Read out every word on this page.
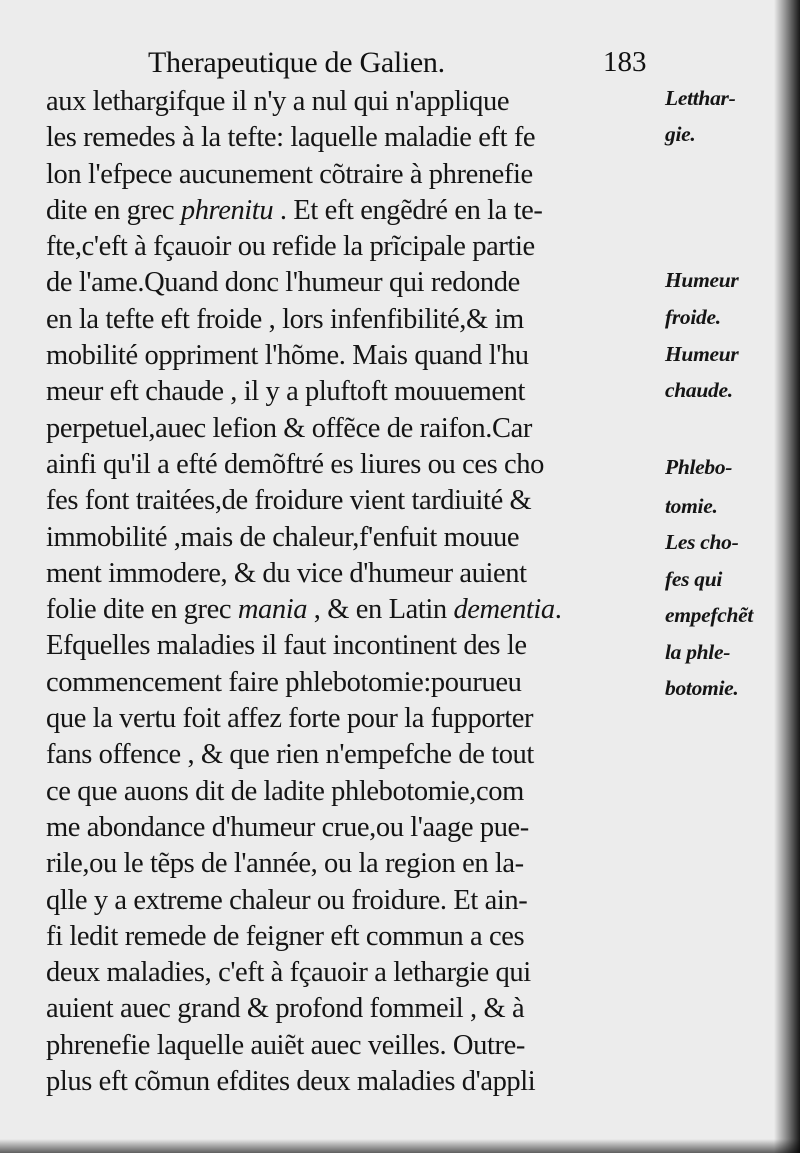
Therapeutique de Galien.	183
aux lethargifque il n'y a nul qui n'applique
les remedes à la tefte: laquelle maladie eft fe
lon l'efpece aucunement cõtraire à phrenefie
dite en grec phrenitu . Et eft engẽdré en la te-
fte,c'eft à fçauoir ou refide la prĩcipale partie
de l'ame.Quand donc l'humeur qui redonde
en la tefte eft froide , lors infenfibilité,& im
mobilité oppriment l'hõme. Mais quand l'hu
meur eft chaude , il y a pluftoft mouuement
perpetuel,auec lefion & offẽce de raifon.Car
ainfi qu'il a efté demõftré es liures ou ces cho
fes font traitées,de froidure vient tardiuité &
immobilité ,mais de chaleur,f'enfuit mouue
ment immodere, & du vice d'humeur auient
folie dite en grec mania , & en Latin dementia.
Efquelles maladies il faut incontinent des le
commencement faire phlebotomie:pourueu
que la vertu foit affez forte pour la fupporter
fans offence , & que rien n'empefche de tout
ce que auons dit de ladite phlebotomie,com
me abondance d'humeur crue,ou l'aage pue-
rile,ou le tẽps de l'année, ou la region en la-
qlle y a extreme chaleur ou froidure. Et ain-
fi ledit remede de feigner eft commun a ces
deux maladies, c'eft à fçauoir a lethargie qui
auient auec grand & profond fommeil , & à
phrenefie laquelle auiẽt auec veilles. Outre-
plus eft cõmun efdites deux maladies d'appli
Letthar-
gie.
Humeur
froide.
Humeur
chaude.
Phlebo-
tomie.
Les cho-
fes qui
empefchẽt
la phle-
botomie.
